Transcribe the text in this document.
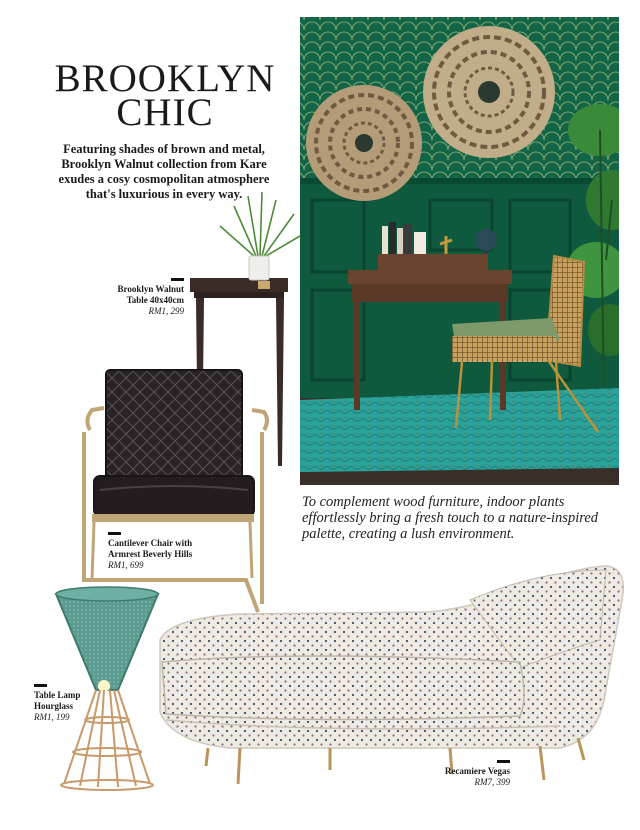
BROOKLYN
CHIC

Featuring shades of brown and metal, Brooklyn Walnut collection from Kare exudes a cosy cosmopolitan atmosphere that's luxurious in every way.

Brooklyn Walnut
Table 40x40cm
RM1, 299
Cantilever Chair with
Armrest Beverly Hills
RM1, 699
Table Lamp
Hourglass
RM1, 199
Recamiere Vegas
RM7, 399

To complement wood furniture, indoor plants effortlessly bring a fresh touch to a nature-inspired palette, creating a lush environment.
